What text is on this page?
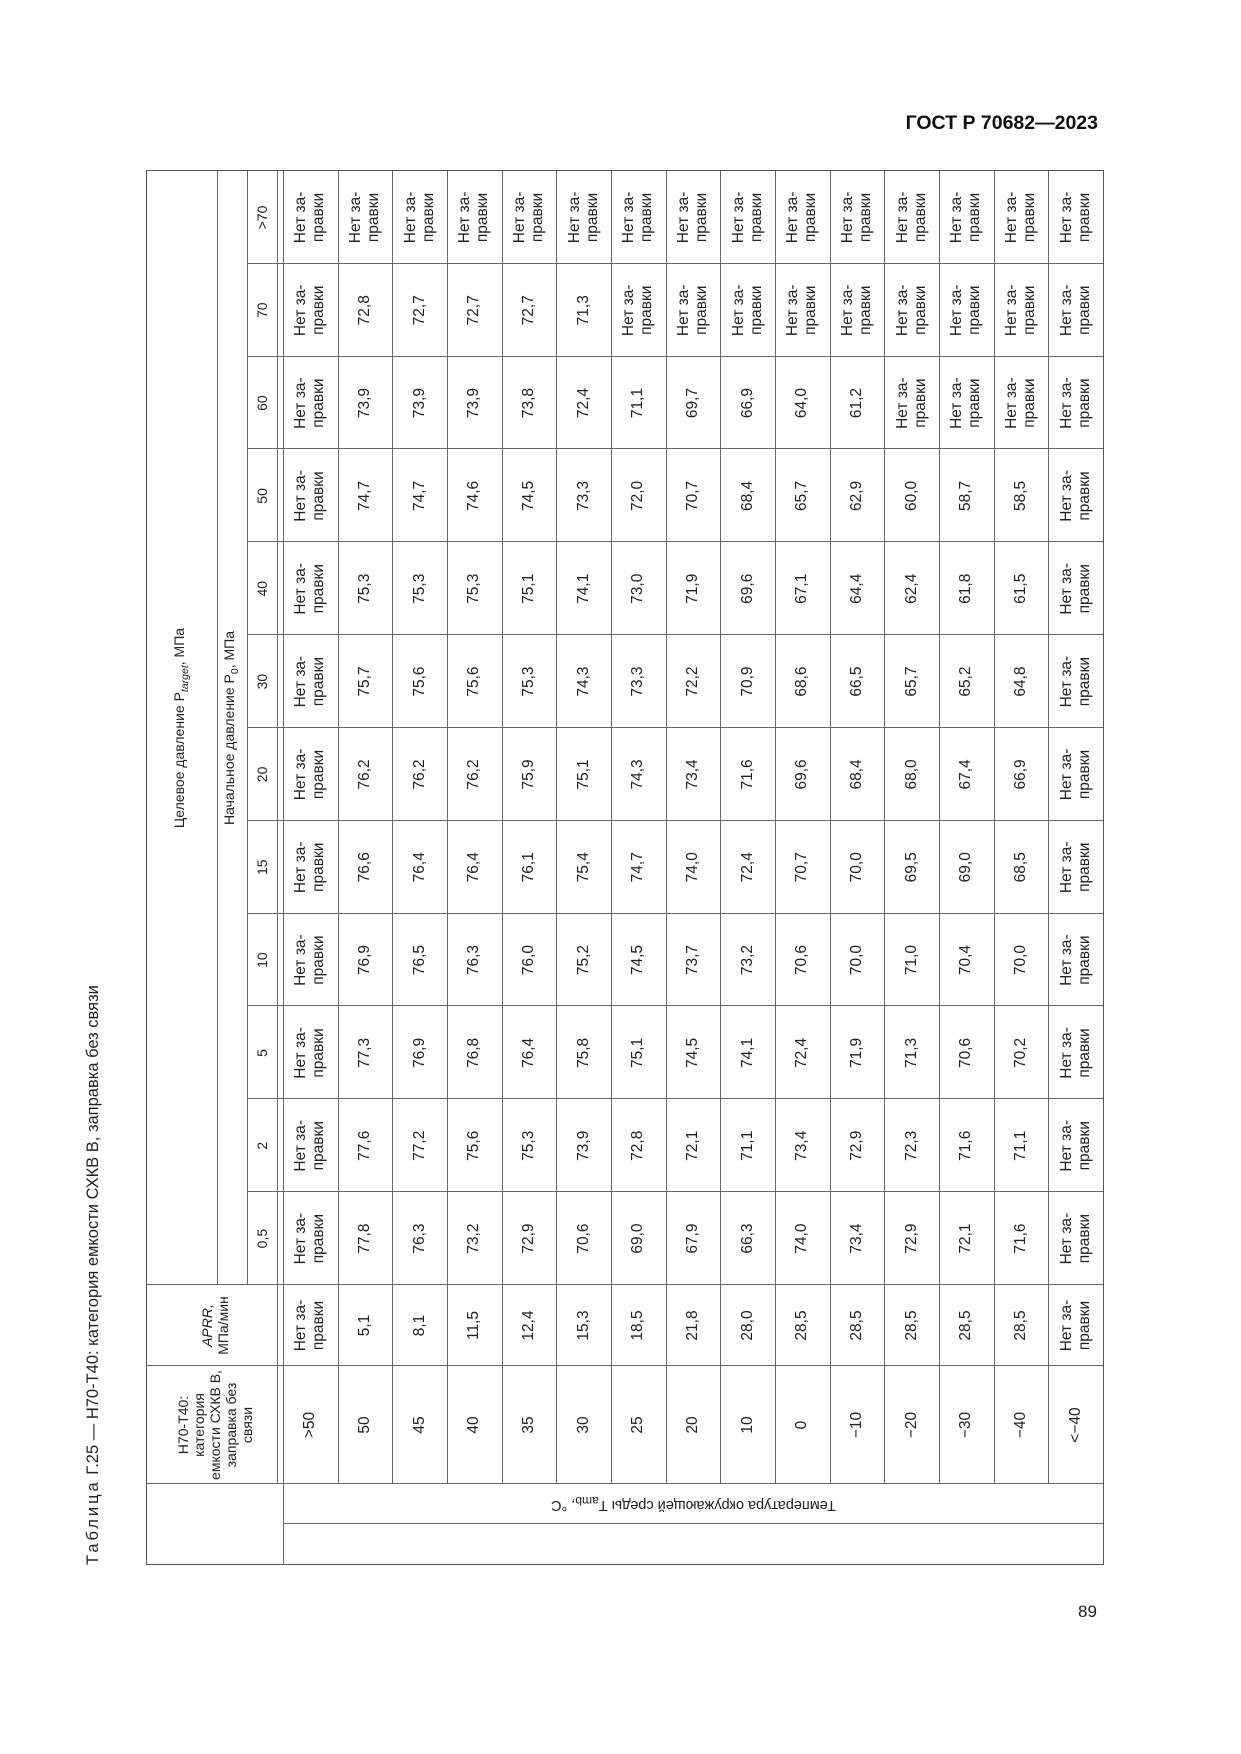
ГОСТ Р 70682—2023
Таблица Г.25 — Н70-Т40: категория емкости СХКВ В, заправка без связи
Температура окружающей среды $T_{amb}$, °C
Н70-Т40: категория емкости СХКВ В, заправка без связи
APRR, МПа/мин
Целевое давление $P_{target}$, МПа
Начальное давление $P_0$, МПа
0,5
2
5
10
15
20
30
40
50
60
70
>70
>50
Нет за-
правки
Нет за-
правки
Нет за-
правки
Нет за-
правки
Нет за-
правки
Нет за-
правки
Нет за-
правки
Нет за-
правки
Нет за-
правки
Нет за-
правки
Нет за-
правки
Нет за-
правки
Нет за-
правки
50
5,1
77,8
77,6
77,3
76,9
76,6
76,2
75,7
75,3
74,7
73,9
72,8
Нет за-
правки
45
8,1
76,3
77,2
76,9
76,5
76,4
76,2
75,6
75,3
74,7
73,9
72,7
Нет за-
правки
40
11,5
73,2
75,6
76,8
76,3
76,4
76,2
75,6
75,3
74,6
73,9
72,7
Нет за-
правки
35
12,4
72,9
75,3
76,4
76,0
76,1
75,9
75,3
75,1
74,5
73,8
72,7
Нет за-
правки
30
15,3
70,6
73,9
75,8
75,2
75,4
75,1
74,3
74,1
73,3
72,4
71,3
Нет за-
правки
25
18,5
69,0
72,8
75,1
74,5
74,7
74,3
73,3
73,0
72,0
71,1
Нет за-
правки
Нет за-
правки
20
21,8
67,9
72,1
74,5
73,7
74,0
73,4
72,2
71,9
70,7
69,7
Нет за-
правки
Нет за-
правки
10
28,0
66,3
71,1
74,1
73,2
72,4
71,6
70,9
69,6
68,4
66,9
Нет за-
правки
Нет за-
правки
0
28,5
74,0
73,4
72,4
70,6
70,7
69,6
68,6
67,1
65,7
64,0
Нет за-
правки
Нет за-
правки
−10
28,5
73,4
72,9
71,9
70,0
70,0
68,4
66,5
64,4
62,9
61,2
Нет за-
правки
Нет за-
правки
−20
28,5
72,9
72,3
71,3
71,0
69,5
68,0
65,7
62,4
60,0
Нет за-
правки
Нет за-
правки
Нет за-
правки
−30
28,5
72,1
71,6
70,6
70,4
69,0
67,4
65,2
61,8
58,7
Нет за-
правки
Нет за-
правки
Нет за-
правки
−40
28,5
71,6
71,1
70,2
70,0
68,5
66,9
64,8
61,5
58,5
Нет за-
правки
Нет за-
правки
Нет за-
правки
<−40
Нет за-
правки
Нет за-
правки
Нет за-
правки
Нет за-
правки
Нет за-
правки
Нет за-
правки
Нет за-
правки
Нет за-
правки
Нет за-
правки
Нет за-
правки
Нет за-
правки
Нет за-
правки
Нет за-
правки
89
